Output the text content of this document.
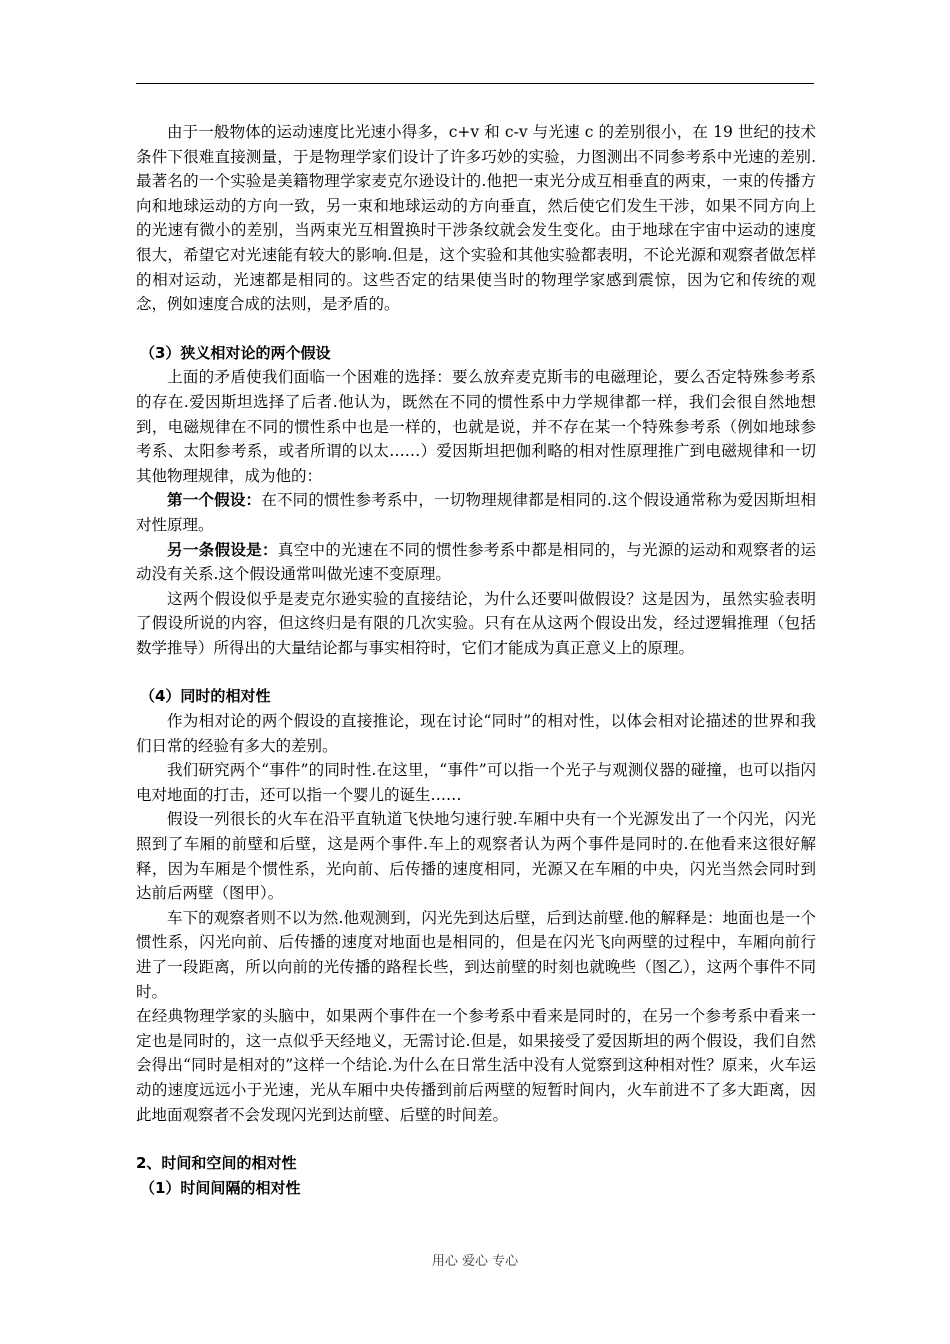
由于一般物体的运动速度比光速小得多，c+v 和 c-v 与光速 c 的差别很小，在 19 世纪的技术条件下很难直接测量，于是物理学家们设计了许多巧妙的实验，力图测出不同参考系中光速的差别.最著名的一个实验是美籍物理学家麦克尔逊设计的.他把一束光分成互相垂直的两束，一束的传播方向和地球运动的方向一致，另一束和地球运动的方向垂直，然后使它们发生干涉，如果不同方向上的光速有微小的差别，当两束光互相置换时干涉条纹就会发生变化。由于地球在宇宙中运动的速度很大，希望它对光速能有较大的影响.但是，这个实验和其他实验都表明，不论光源和观察者做怎样的相对运动，光速都是相同的。这些否定的结果使当时的物理学家感到震惊，因为它和传统的观念，例如速度合成的法则，是矛盾的。

（3）狭义相对论的两个假设

上面的矛盾使我们面临一个困难的选择：要么放弃麦克斯韦的电磁理论，要么否定特殊参考系的存在.爱因斯坦选择了后者.他认为，既然在不同的惯性系中力学规律都一样，我们会很自然地想到，电磁规律在不同的惯性系中也是一样的，也就是说，并不存在某一个特殊参考系（例如地球参考系、太阳参考系，或者所谓的以太……）爱因斯坦把伽利略的相对性原理推广到电磁规律和一切其他物理规律，成为他的：

第一个假设：在不同的惯性参考系中，一切物理规律都是相同的.这个假设通常称为爱因斯坦相对性原理。

另一条假设是：真空中的光速在不同的惯性参考系中都是相同的，与光源的运动和观察者的运动没有关系.这个假设通常叫做光速不变原理。

这两个假设似乎是麦克尔逊实验的直接结论，为什么还要叫做假设？这是因为，虽然实验表明了假设所说的内容，但这终归是有限的几次实验。只有在从这两个假设出发，经过逻辑推理（包括数学推导）所得出的大量结论都与事实相符时，它们才能成为真正意义上的原理。

（4）同时的相对性

作为相对论的两个假设的直接推论，现在讨论“同时”的相对性，以体会相对论描述的世界和我们日常的经验有多大的差别。

我们研究两个“事件”的同时性.在这里，“事件”可以指一个光子与观测仪器的碰撞，也可以指闪电对地面的打击，还可以指一个婴儿的诞生……

假设一列很长的火车在沿平直轨道飞快地匀速行驶.车厢中央有一个光源发出了一个闪光，闪光照到了车厢的前壁和后壁，这是两个事件.车上的观察者认为两个事件是同时的.在他看来这很好解释，因为车厢是个惯性系，光向前、后传播的速度相同，光源又在车厢的中央，闪光当然会同时到达前后两壁（图甲）。

车下的观察者则不以为然.他观测到，闪光先到达后壁，后到达前壁.他的解释是：地面也是一个惯性系，闪光向前、后传播的速度对地面也是相同的，但是在闪光飞向两壁的过程中，车厢向前行进了一段距离，所以向前的光传播的路程长些，到达前壁的时刻也就晚些（图乙），这两个事件不同时。

在经典物理学家的头脑中，如果两个事件在一个参考系中看来是同时的，在另一个参考系中看来一定也是同时的，这一点似乎天经地义，无需讨论.但是，如果接受了爱因斯坦的两个假设，我们自然会得出“同时是相对的”这样一个结论.为什么在日常生活中没有人觉察到这种相对性？原来，火车运动的速度远远小于光速，光从车厢中央传播到前后两壁的短暂时间内，火车前进不了多大距离，因此地面观察者不会发现闪光到达前壁、后壁的时间差。

2、时间和空间的相对性
（1）时间间隔的相对性
用心 爱心 专心
